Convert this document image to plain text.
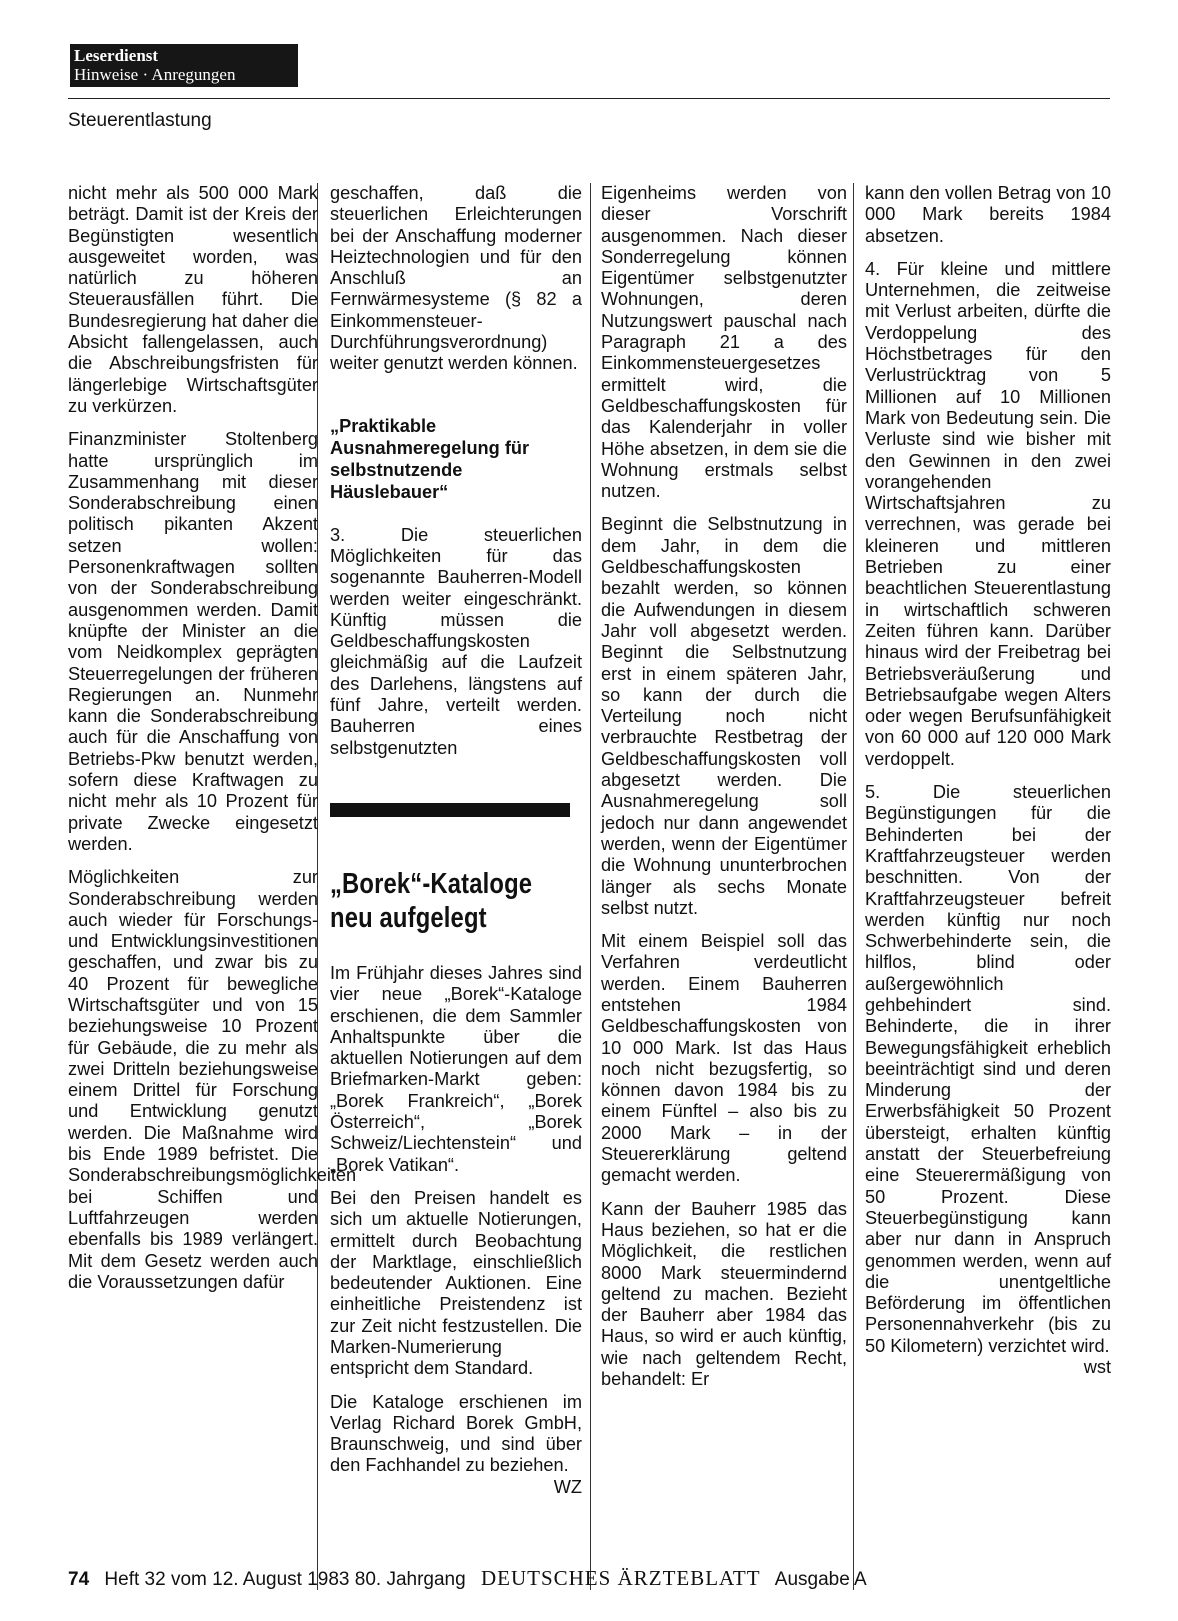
Leserdienst
Hinweise · Anregungen
Steuerentlastung

nicht mehr als 500 000 Mark beträgt. Damit ist der Kreis der Begünstigten wesentlich ausgeweitet worden, was natürlich zu höheren Steuerausfällen führt. Die Bundesregierung hat daher die Absicht fallengelassen, auch die Abschreibungsfristen für längerlebige Wirtschaftsgüter zu verkürzen.

Finanzminister Stoltenberg hatte ursprünglich im Zusammenhang mit dieser Sonderabschreibung einen politisch pikanten Akzent setzen wollen: Personenkraftwagen sollten von der Sonderabschreibung ausgenommen werden. Damit knüpfte der Minister an die vom Neidkomplex geprägten Steuerregelungen der früheren Regierungen an. Nunmehr kann die Sonderabschreibung auch für die Anschaffung von Betriebs-Pkw benutzt werden, sofern diese Kraftwagen zu nicht mehr als 10 Prozent für private Zwecke eingesetzt werden.

Möglichkeiten zur Sonderabschreibung werden auch wieder für Forschungs- und Entwicklungsinvestitionen geschaffen, und zwar bis zu 40 Prozent für bewegliche Wirtschaftsgüter und von 15 beziehungsweise 10 Prozent für Gebäude, die zu mehr als zwei Dritteln beziehungsweise einem Drittel für Forschung und Entwicklung genutzt werden. Die Maßnahme wird bis Ende 1989 befristet. Die Sonderabschreibungsmöglichkeiten bei Schiffen und Luftfahrzeugen werden ebenfalls bis 1989 verlängert. Mit dem Gesetz werden auch die Voraussetzungen dafür

geschaffen, daß die steuerlichen Erleichterungen bei der Anschaffung moderner Heiztechnologien und für den Anschluß an Fernwärmesysteme (§ 82 a Einkommensteuer-Durchführungsverordnung) weiter genutzt werden können.

„Praktikable Ausnahmeregelung für selbstnutzende Häuslebauer“

3. Die steuerlichen Möglichkeiten für das sogenannte Bauherren-Modell werden weiter eingeschränkt. Künftig müssen die Geldbeschaffungskosten gleichmäßig auf die Laufzeit des Darlehens, längstens auf fünf Jahre, verteilt werden. Bauherren eines selbstgenutzten

„Borek“-Kataloge neu aufgelegt

Im Frühjahr dieses Jahres sind vier neue „Borek“-Kataloge erschienen, die dem Sammler Anhaltspunkte über die aktuellen Notierungen auf dem Briefmarken-Markt geben: „Borek Frankreich“, „Borek Österreich“, „Borek Schweiz/Liechtenstein“ und „Borek Vatikan“.

Bei den Preisen handelt es sich um aktuelle Notierungen, ermittelt durch Beobachtung der Marktlage, einschließlich bedeutender Auktionen. Eine einheitliche Preistendenz ist zur Zeit nicht festzustellen. Die Marken-Numerierung entspricht dem Standard.

Die Kataloge erschienen im Verlag Richard Borek GmbH, Braunschweig, und sind über den Fachhandel zu beziehen.
WZ

Eigenheims werden von dieser Vorschrift ausgenommen. Nach dieser Sonderregelung können Eigentümer selbstgenutzter Wohnungen, deren Nutzungswert pauschal nach Paragraph 21 a des Einkommensteuergesetzes ermittelt wird, die Geldbeschaffungskosten für das Kalenderjahr in voller Höhe absetzen, in dem sie die Wohnung erstmals selbst nutzen.

Beginnt die Selbstnutzung in dem Jahr, in dem die Geldbeschaffungskosten bezahlt werden, so können die Aufwendungen in diesem Jahr voll abgesetzt werden. Beginnt die Selbstnutzung erst in einem späteren Jahr, so kann der durch die Verteilung noch nicht verbrauchte Restbetrag der Geldbeschaffungskosten voll abgesetzt werden. Die Ausnahmeregelung soll jedoch nur dann angewendet werden, wenn der Eigentümer die Wohnung ununterbrochen länger als sechs Monate selbst nutzt.

Mit einem Beispiel soll das Verfahren verdeutlicht werden. Einem Bauherren entstehen 1984 Geldbeschaffungskosten von 10 000 Mark. Ist das Haus noch nicht bezugsfertig, so können davon 1984 bis zu einem Fünftel – also bis zu 2000 Mark – in der Steuererklärung geltend gemacht werden.

Kann der Bauherr 1985 das Haus beziehen, so hat er die Möglichkeit, die restlichen 8000 Mark steuermindernd geltend zu machen. Bezieht der Bauherr aber 1984 das Haus, so wird er auch künftig, wie nach geltendem Recht, behandelt: Er

kann den vollen Betrag von 10 000 Mark bereits 1984 absetzen.

4. Für kleine und mittlere Unternehmen, die zeitweise mit Verlust arbeiten, dürfte die Verdoppelung des Höchstbetrages für den Verlustrücktrag von 5 Millionen auf 10 Millionen Mark von Bedeutung sein. Die Verluste sind wie bisher mit den Gewinnen in den zwei vorangehenden Wirtschaftsjahren zu verrechnen, was gerade bei kleineren und mittleren Betrieben zu einer beachtlichen Steuerentlastung in wirtschaftlich schweren Zeiten führen kann. Darüber hinaus wird der Freibetrag bei Betriebsveräußerung und Betriebsaufgabe wegen Alters oder wegen Berufsunfähigkeit von 60 000 auf 120 000 Mark verdoppelt.

5. Die steuerlichen Begünstigungen für die Behinderten bei der Kraftfahrzeugsteuer werden beschnitten. Von der Kraftfahrzeugsteuer befreit werden künftig nur noch Schwerbehinderte sein, die hilflos, blind oder außergewöhnlich gehbehindert sind. Behinderte, die in ihrer Bewegungsfähigkeit erheblich beeinträchtigt sind und deren Minderung der Erwerbsfähigkeit 50 Prozent übersteigt, erhalten künftig anstatt der Steuerbefreiung eine Steuerermäßigung von 50 Prozent. Diese Steuerbegünstigung kann aber nur dann in Anspruch genommen werden, wenn auf die unentgeltliche Beförderung im öffentlichen Personennahverkehr (bis zu 50 Kilometern) verzichtet wird.
wst

74 Heft 32 vom 12. August 1983 80. Jahrgang DEUTSCHES ÄRZTEBLATT Ausgabe A
